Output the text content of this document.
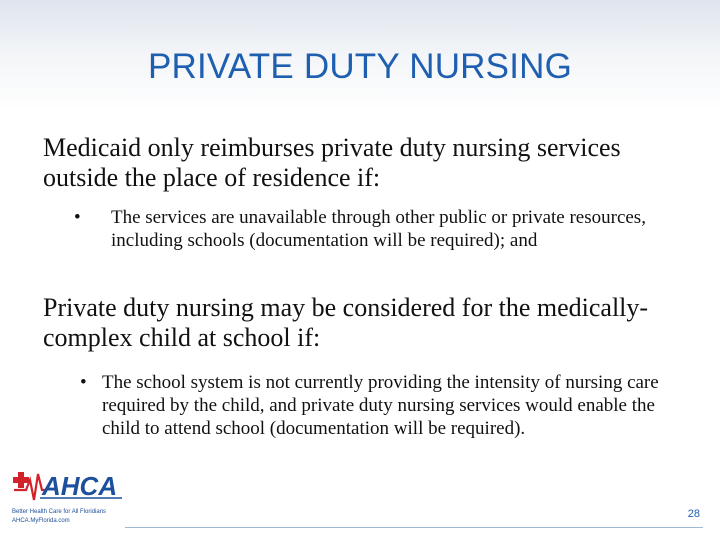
PRIVATE DUTY NURSING
Medicaid only reimburses private duty nursing services outside the place of residence if:
• The services are unavailable through other public or private resources, including schools (documentation will be required); and
Private duty nursing may be considered for the medically-complex child at school if:
• The school system is not currently providing the intensity of nursing care required by the child, and private duty nursing services would enable the child to attend school (documentation will be required).
AHCA
Better Health Care for All Floridians
AHCA.MyFlorida.com
28
